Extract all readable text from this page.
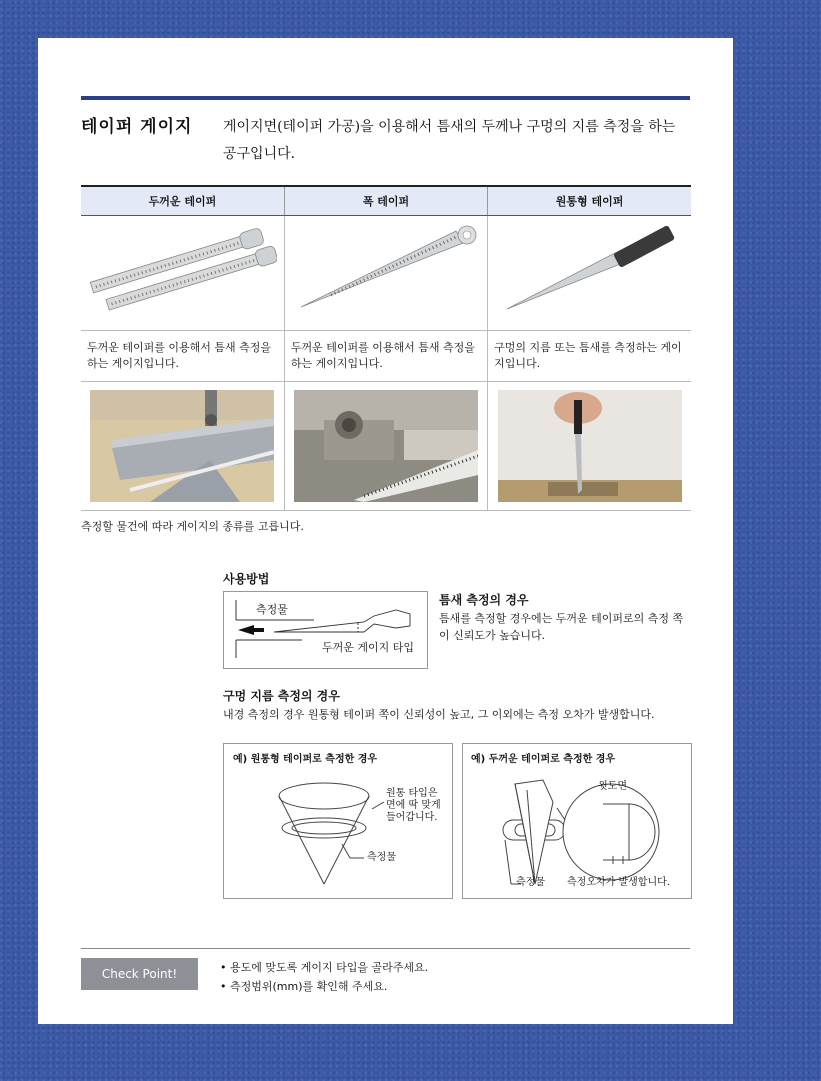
테이퍼 게이지 게이지면(테이퍼 가공)을 이용해서 틈새의 두께나 구멍의 지름 측정을 하는 공구입니다.
두꺼운 테이퍼	폭 테이퍼	원통형 테이퍼

두꺼운 테이퍼를 이용해서 틈새 측정을 하는 게이지입니다.	두꺼운 테이퍼를 이용해서 틈새 측정을 하는 게이지입니다.	구멍의 지름 또는 틈새를 측정하는 게이지입니다.

측정할 물건에 따라 게이지의 종류를 고릅니다.
사용방법
측정물
두꺼운 게이지 타입
틈새 측정의 경우
틈새를 측정할 경우에는 두꺼운 테이퍼로의 측정 쪽이 신뢰도가 높습니다.
구멍 지름 측정의 경우
내경 측정의 경우 원통형 테이퍼 쪽이 신뢰성이 높고, 그 이외에는 측정 오차가 발생합니다.
예) 원통형 테이퍼로 측정한 경우
원통 타입은
면에 딱 맞게
들어갑니다.
측정물
예) 두꺼운 테이퍼로 측정한 경우
윗도면
측정물 측정오차가 발생합니다.
Check Point!	• 용도에 맞도록 게이지 타입을 골라주세요.
• 측정범위(mm)를 확인해 주세요.
